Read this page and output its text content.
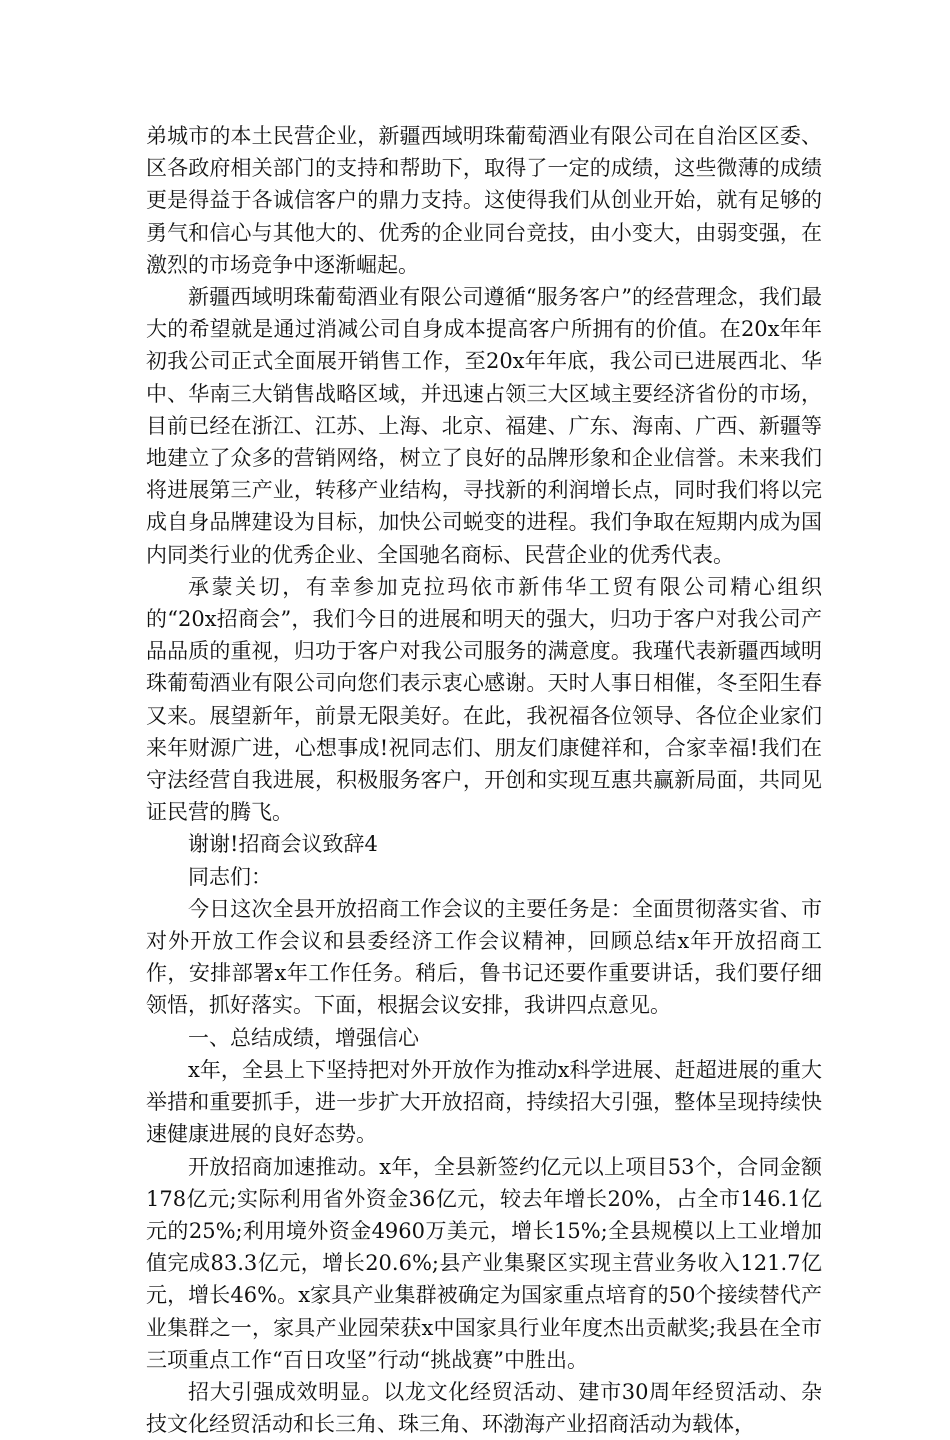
弟城市的本土民营企业，新疆西域明珠葡萄酒业有限公司在自治区区委、区各政府相关部门的支持和帮助下，取得了一定的成绩，这些微薄的成绩更是得益于各诚信客户的鼎力支持。这使得我们从创业开始，就有足够的勇气和信心与其他大的、优秀的企业同台竞技，由小变大，由弱变强，在激烈的市场竞争中逐渐崛起。

新疆西域明珠葡萄酒业有限公司遵循“服务客户”的经营理念，我们最大的希望就是通过消减公司自身成本提高客户所拥有的价值。在20x年年初我公司正式全面展开销售工作，至20x年年底，我公司已进展西北、华中、华南三大销售战略区域，并迅速占领三大区域主要经济省份的市场，目前已经在浙江、江苏、上海、北京、福建、广东、海南、广西、新疆等地建立了众多的营销网络，树立了良好的品牌形象和企业信誉。未来我们将进展第三产业，转移产业结构，寻找新的利润增长点，同时我们将以完成自身品牌建设为目标，加快公司蜕变的进程。我们争取在短期内成为国内同类行业的优秀企业、全国驰名商标、民营企业的优秀代表。

承蒙关切，有幸参加克拉玛依市新伟华工贸有限公司精心组织的“20x招商会”，我们今日的进展和明天的强大，归功于客户对我公司产品品质的重视，归功于客户对我公司服务的满意度。我瑾代表新疆西域明珠葡萄酒业有限公司向您们表示衷心感谢。天时人事日相催，冬至阳生春又来。展望新年，前景无限美好。在此，我祝福各位领导、各位企业家们来年财源广进，心想事成!祝同志们、朋友们康健祥和，合家幸福!我们在守法经营自我进展，积极服务客户，开创和实现互惠共赢新局面，共同见证民营的腾飞。

谢谢!招商会议致辞4

同志们：

今日这次全县开放招商工作会议的主要任务是：全面贯彻落实省、市对外开放工作会议和县委经济工作会议精神，回顾总结x年开放招商工作，安排部署x年工作任务。稍后，鲁书记还要作重要讲话，我们要仔细领悟，抓好落实。下面，根据会议安排，我讲四点意见。

一、总结成绩，增强信心

x年，全县上下坚持把对外开放作为推动x科学进展、赶超进展的重大举措和重要抓手，进一步扩大开放招商，持续招大引强，整体呈现持续快速健康进展的良好态势。

开放招商加速推动。x年，全县新签约亿元以上项目53个，合同金额178亿元;实际利用省外资金36亿元，较去年增长20%，占全市146.1亿元的25%;利用境外资金4960万美元，增长15%;全县规模以上工业增加值完成83.3亿元，增长20.6%;县产业集聚区实现主营业务收入121.7亿元，增长46%。x家具产业集群被确定为国家重点培育的50个接续替代产业集群之一，家具产业园荣获x中国家具行业年度杰出贡献奖;我县在全市三项重点工作“百日攻坚”行动“挑战赛”中胜出。

招大引强成效明显。以龙文化经贸活动、建市30周年经贸活动、杂技文化经贸活动和长三角、珠三角、环渤海产业招商活动为载体，
